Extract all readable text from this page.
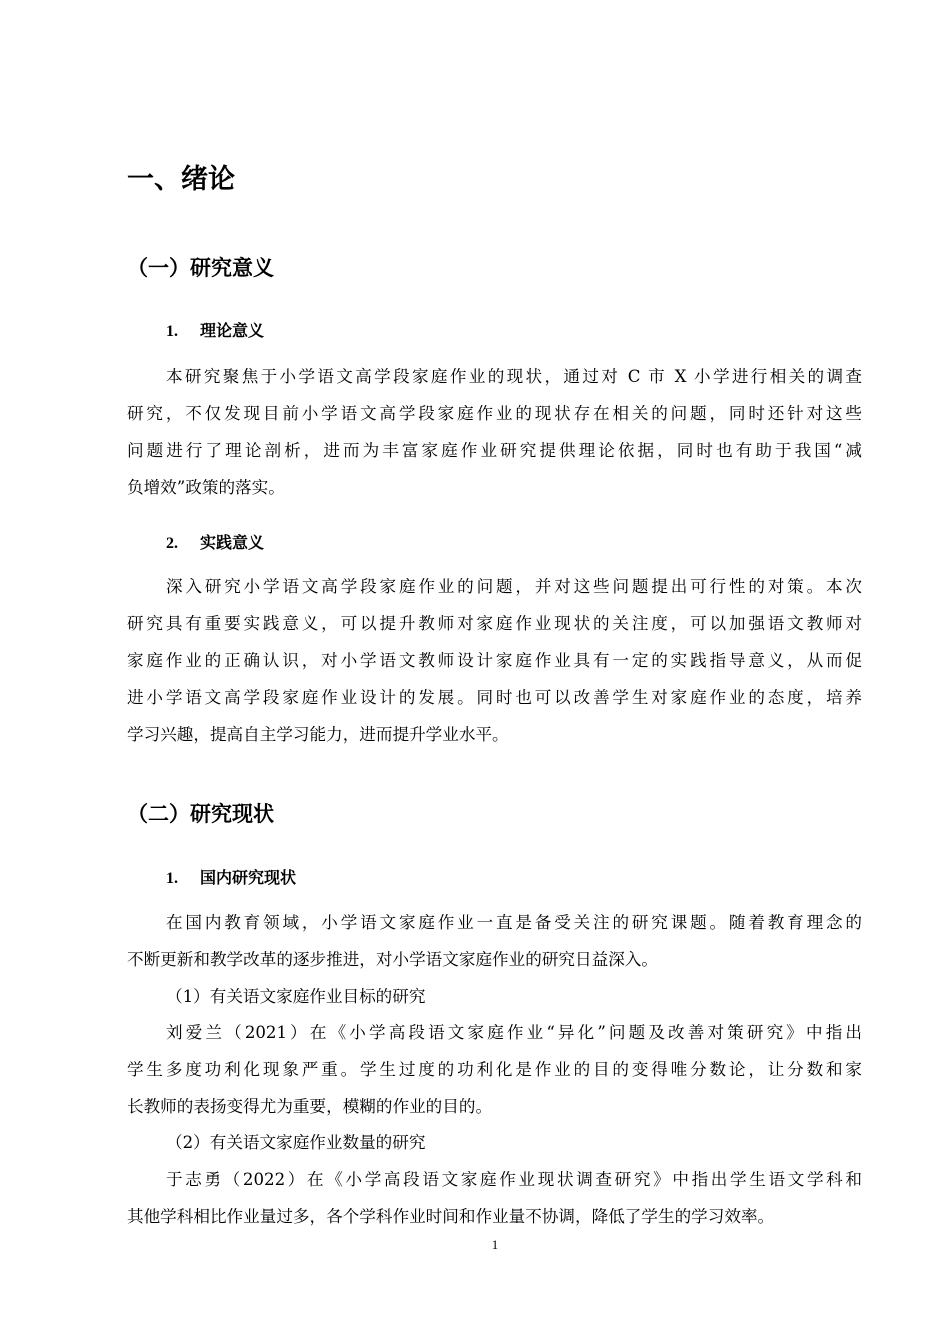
一、绪论
（一）研究意义
1. 理论意义
本研究聚焦于小学语文高学段家庭作业的现状，通过对 C 市 X 小学进行相关的调查
研究，不仅发现目前小学语文高学段家庭作业的现状存在相关的问题，同时还针对这些
问题进行了理论剖析，进而为丰富家庭作业研究提供理论依据，同时也有助于我国“减
负增效”政策的落实。
2. 实践意义
深入研究小学语文高学段家庭作业的问题，并对这些问题提出可行性的对策。本次
研究具有重要实践意义，可以提升教师对家庭作业现状的关注度，可以加强语文教师对
家庭作业的正确认识，对小学语文教师设计家庭作业具有一定的实践指导意义，从而促
进小学语文高学段家庭作业设计的发展。同时也可以改善学生对家庭作业的态度，培养
学习兴趣，提高自主学习能力，进而提升学业水平。
（二）研究现状
1. 国内研究现状
在国内教育领域，小学语文家庭作业一直是备受关注的研究课题。随着教育理念的
不断更新和教学改革的逐步推进，对小学语文家庭作业的研究日益深入。
（1）有关语文家庭作业目标的研究
刘爱兰（2021）在《小学高段语文家庭作业“异化”问题及改善对策研究》中指出
学生多度功利化现象严重。学生过度的功利化是作业的目的变得唯分数论，让分数和家
长教师的表扬变得尤为重要，模糊的作业的目的。
（2）有关语文家庭作业数量的研究
于志勇（2022）在《小学高段语文家庭作业现状调查研究》中指出学生语文学科和
其他学科相比作业量过多，各个学科作业时间和作业量不协调，降低了学生的学习效率。
1
